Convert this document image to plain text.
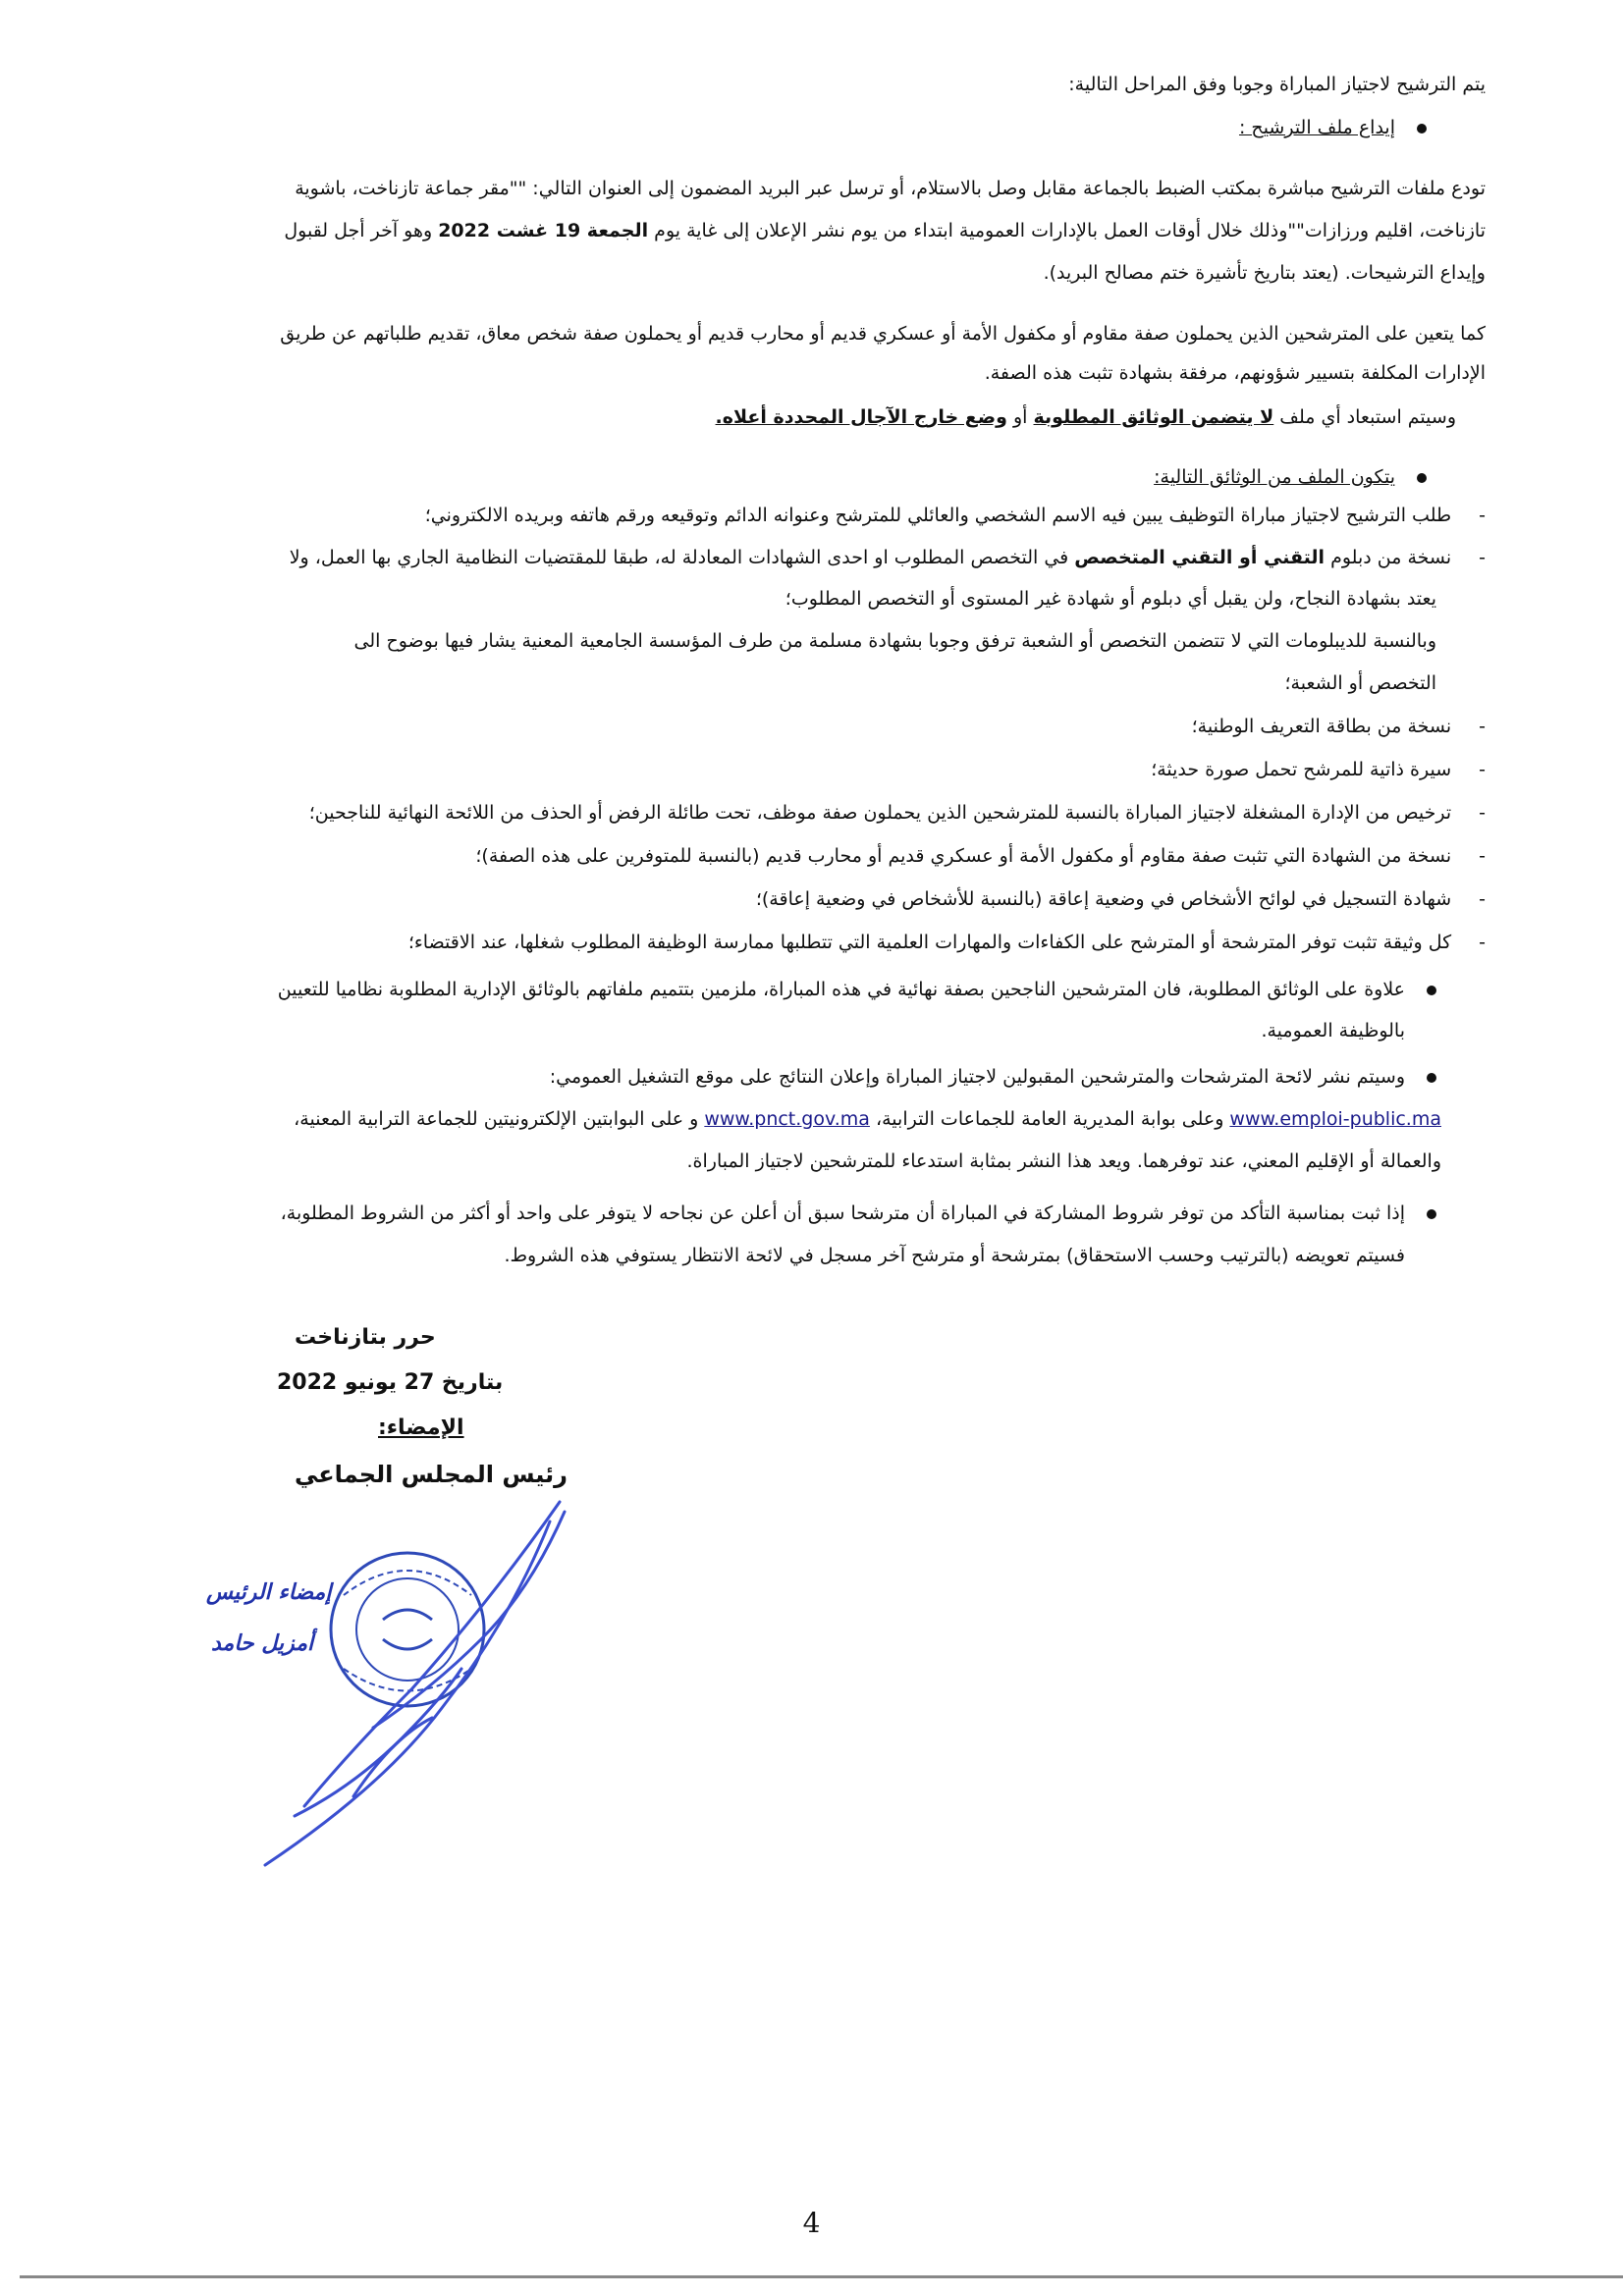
يتم الترشيح لاجتياز المباراة وجوبا وفق المراحل التالية:
إيداع ملف الترشيح :
تودع ملفات الترشيح مباشرة بمكتب الضبط بالجماعة مقابل وصل بالاستلام، أو ترسل عبر البريد المضمون إلى العنوان التالي: ""مقر جماعة تازناخت، باشوية
تازناخت، اقليم ورزازات""وذلك خلال أوقات العمل بالإدارات العمومية ابتداء من يوم نشر الإعلان إلى غاية يوم الجمعة 19 غشت 2022 وهو آخر أجل لقبول
وإيداع الترشيحات. (يعتد بتاريخ تأشيرة ختم مصالح البريد).
كما يتعين على المترشحين الذين يحملون صفة مقاوم أو مكفول الأمة أو عسكري قديم أو محارب قديم أو يحملون صفة شخص معاق، تقديم طلباتهم عن طريق
الإدارات المكلفة بتسيير شؤونهم، مرفقة بشهادة تثبت هذه الصفة.
وسيتم استبعاد أي ملف لا يتضمن الوثائق المطلوبة أو وضع خارج الآجال المحددة أعلاه.
يتكون الملف من الوثائق التالية:
-طلب الترشيح لاجتياز مباراة التوظيف يبين فيه الاسم الشخصي والعائلي للمترشح وعنوانه الدائم وتوقيعه ورقم هاتفه وبريده الالكتروني؛
-نسخة من دبلوم التقني أو التقني المتخصص في التخصص المطلوب او احدى الشهادات المعادلة له، طبقا للمقتضيات النظامية الجاري بها العمل، ولا
يعتد بشهادة النجاح، ولن يقبل أي دبلوم أو شهادة غير المستوى أو التخصص المطلوب؛
وبالنسبة للديبلومات التي لا تتضمن التخصص أو الشعبة ترفق وجوبا بشهادة مسلمة من طرف المؤسسة الجامعية المعنية يشار فيها بوضوح الى
التخصص أو الشعبة؛
-نسخة من بطاقة التعريف الوطنية؛
-سيرة ذاتية للمرشح تحمل صورة حديثة؛
-ترخيص من الإدارة المشغلة لاجتياز المباراة بالنسبة للمترشحين الذين يحملون صفة موظف، تحت طائلة الرفض أو الحذف من اللائحة النهائية للناجحين؛
-نسخة من الشهادة التي تثبت صفة مقاوم أو مكفول الأمة أو عسكري قديم أو محارب قديم (بالنسبة للمتوفرين على هذه الصفة)؛
-شهادة التسجيل في لوائح الأشخاص في وضعية إعاقة (بالنسبة للأشخاص في وضعية إعاقة)؛
-كل وثيقة تثبت توفر المترشحة أو المترشح على الكفاءات والمهارات العلمية التي تتطلبها ممارسة الوظيفة المطلوب شغلها، عند الاقتضاء؛
علاوة على الوثائق المطلوبة، فان المترشحين الناجحين بصفة نهائية في هذه المباراة، ملزمين بتتميم ملفاتهم بالوثائق الإدارية المطلوبة نظاميا للتعيين
بالوظيفة العمومية.
وسيتم نشر لائحة المترشحات والمترشحين المقبولين لاجتياز المباراة وإعلان النتائج على موقع التشغيل العمومي:
www.emploi-public.ma وعلى بوابة المديرية العامة للجماعات الترابية، www.pnct.gov.ma و على البوابتين الإلكترونيتين للجماعة الترابية المعنية،
والعمالة أو الإقليم المعني، عند توفرهما. ويعد هذا النشر بمثابة استدعاء للمترشحين لاجتياز المباراة.
إذا ثبت بمناسبة التأكد من توفر شروط المشاركة في المباراة أن مترشحا سبق أن أعلن عن نجاحه لا يتوفر على واحد أو أكثر من الشروط المطلوبة،
فسيتم تعويضه (بالترتيب وحسب الاستحقاق) بمترشحة أو مترشح آخر مسجل في لائحة الانتظار يستوفي هذه الشروط.
حرر بتازناخت
بتاريخ 27 يونيو 2022
الإمضاء:
رئيس المجلس الجماعي
إمضاء الرئيس
أمزيل حامد
4
